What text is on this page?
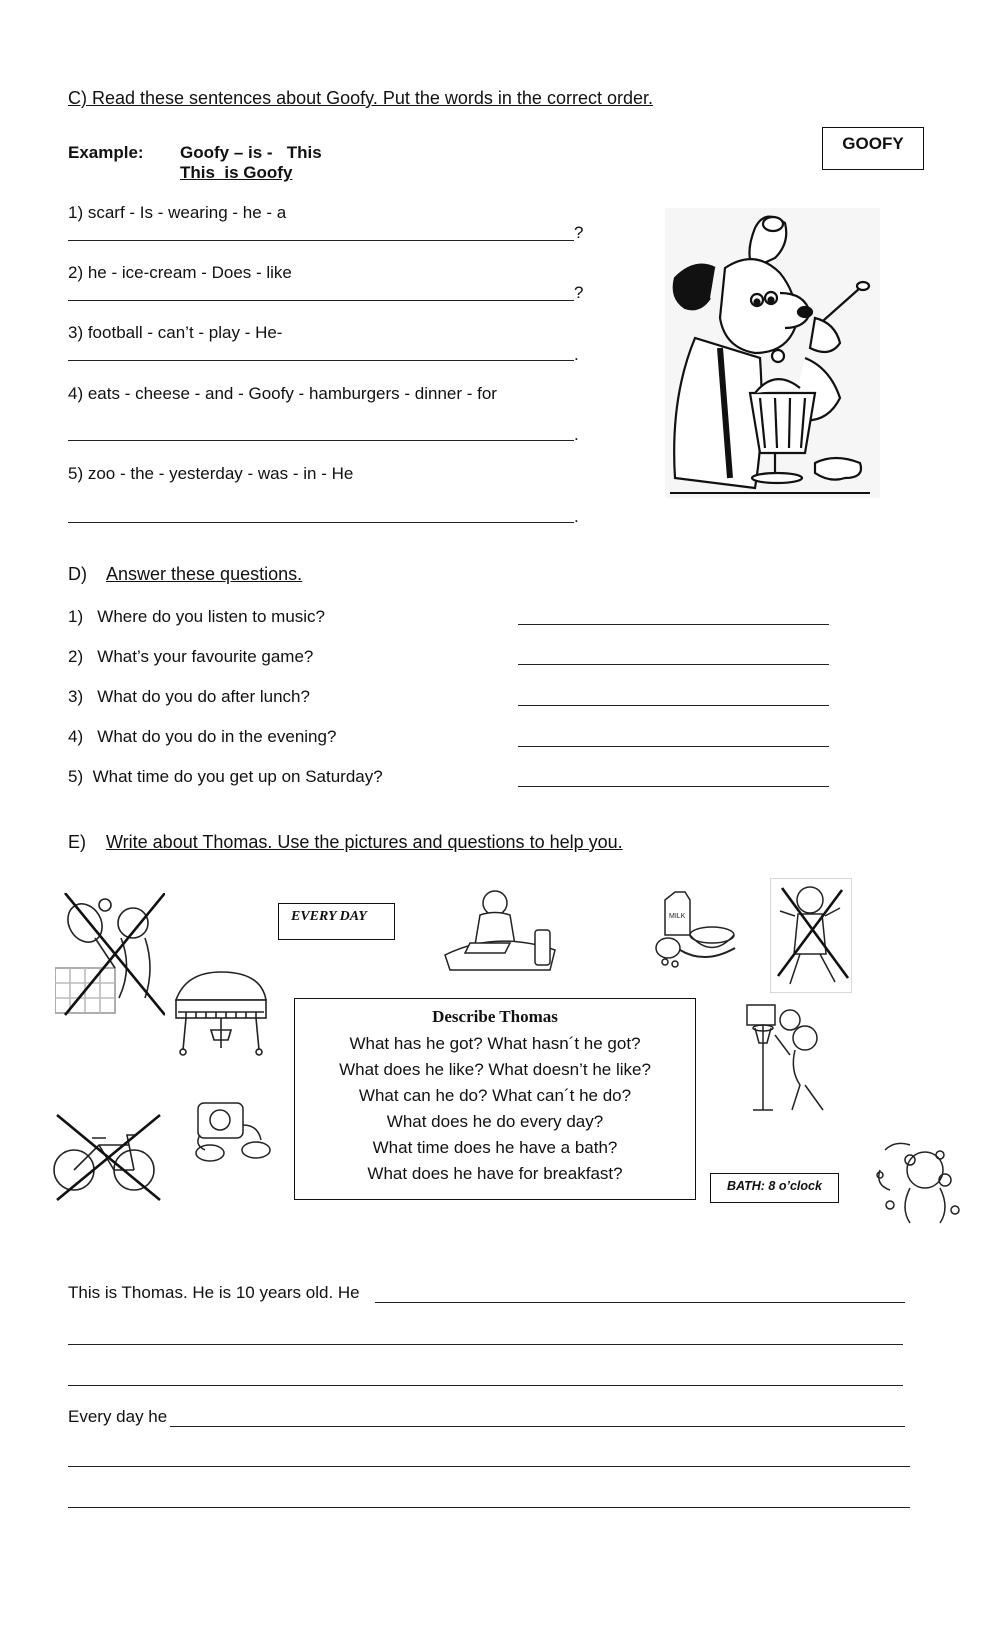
C) Read these sentences about Goofy. Put the words in the correct order.
GOOFY
Example: Goofy – is -   This
This  is Goofy
1) scarf - Is - wearing - he - a
?
2) he - ice-cream - Does - like
?
3) football - can’t - play - He-
.
4) eats - cheese - and - Goofy - hamburgers - dinner - for
.
5) zoo - the - yesterday - was - in - He
.
D) Answer these questions.
1) Where do you listen to music?
2) What’s your favourite game?
3) What do you do after lunch?
4) What do you do in the evening?
5) What time do you get up on Saturday?
E) Write about Thomas. Use the pictures and questions to help you.
EVERY DAY
Describe Thomas
What has he got? What hasn´t he got?
What does he like? What doesn’t he like?
What can he do? What can´t he do?
What does he do every day?
What time does he have a bath?
What does he have for breakfast?
BATH: 8 o’clock
MILK
This is Thomas. He is 10 years old. He
Every day he
